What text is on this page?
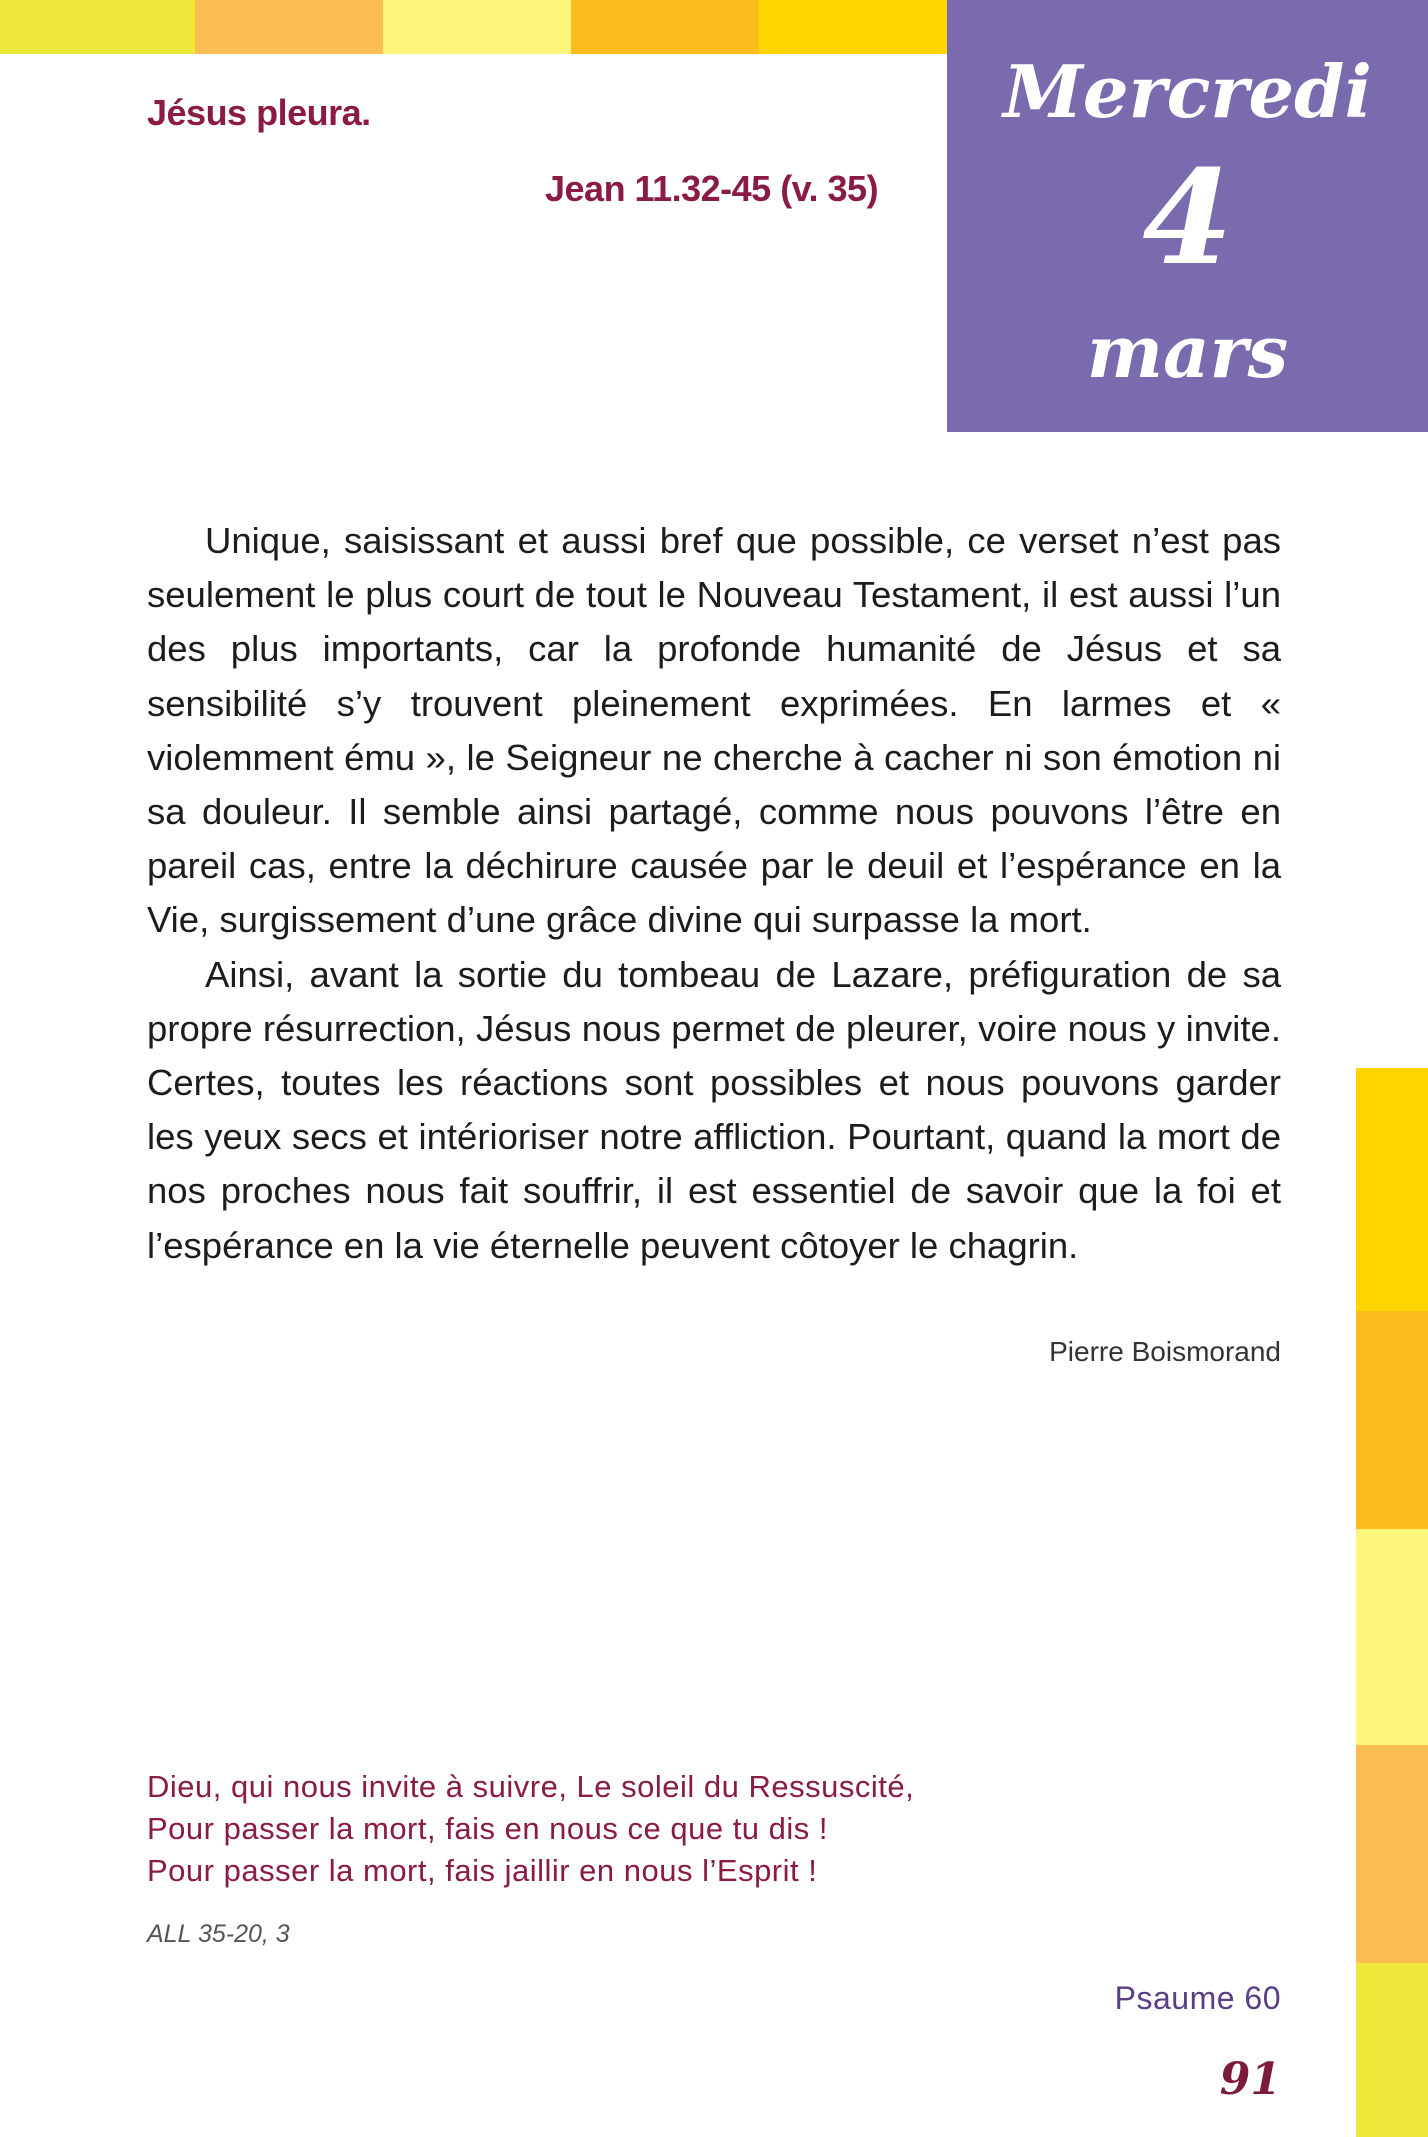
Mercredi
4
mars
Jésus pleura.
Jean 11.32-45 (v. 35)

Unique, saisissant et aussi bref que possible, ce verset n’est pas seulement le plus court de tout le Nouveau Testament, il est aussi l’un des plus importants, car la profonde humanité de Jésus et sa sensibilité s’y trouvent pleinement exprimées. En larmes et « violemment ému », le Seigneur ne cherche à cacher ni son émotion ni sa douleur. Il semble ainsi partagé, comme nous pouvons l’être en pareil cas, entre la déchirure causée par le deuil et l’espérance en la Vie, surgissement d’une grâce divine qui surpasse la mort.

Ainsi, avant la sortie du tombeau de Lazare, préfiguration de sa propre résurrection, Jésus nous permet de pleurer, voire nous y invite. Certes, toutes les réactions sont possibles et nous pouvons garder les yeux secs et intérioriser notre affliction. Pourtant, quand la mort de nos proches nous fait souffrir, il est essentiel de savoir que la foi et l’espérance en la vie éternelle peuvent côtoyer le chagrin.

Pierre Boismorand
Dieu, qui nous invite à suivre, Le soleil du Ressuscité,
Pour passer la mort, fais en nous ce que tu dis !
Pour passer la mort, fais jaillir en nous l’Esprit !
ALL 35-20, 3
Psaume 60
91
